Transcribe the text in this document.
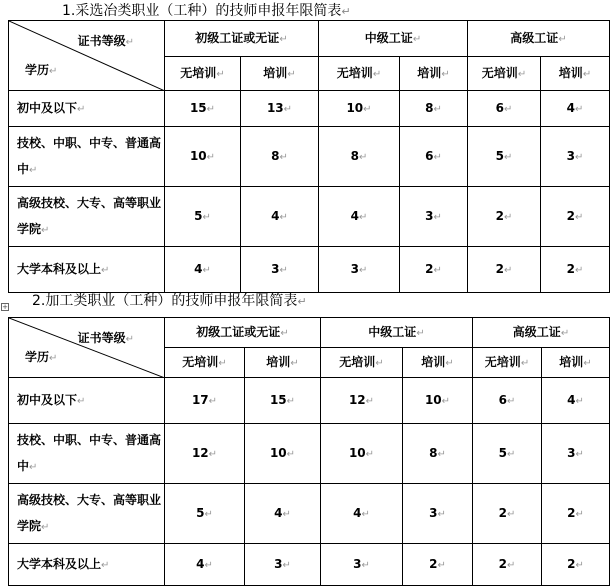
1.采选冶类职业（工种）的技师申报年限简表↵
证书等级↵
学历↵	初级工证或无证↵		中级工证↵		高级工证↵	
	无培训↵	培训↵	无培训↵	培训↵	无培训↵	培训↵
初中及以下↵	15↵	13↵	10↵	8↵	6↵	4↵
技校、中职、中专、普通高中↵	10↵	8↵	8↵	6↵	5↵	3↵
高级技校、大专、高等职业学院↵	5↵	4↵	4↵	3↵	2↵	2↵
大学本科及以上↵	4↵	3↵	3↵	2↵	2↵	2↵
+ 2.加工类职业（工种）的技师申报年限简表↵
证书等级↵
学历↵	初级工证或无证↵		中级工证↵		高级工证↵	
	无培训↵	培训↵	无培训↵	培训↵	无培训↵	培训↵
初中及以下↵	17↵	15↵	12↵	10↵	6↵	4↵
技校、中职、中专、普通高中↵	12↵	10↵	10↵	8↵	5↵	3↵
高级技校、大专、高等职业学院↵	5↵	4↵	4↵	3↵	2↵	2↵
大学本科及以上↵	4↵	3↵	3↵	2↵	2↵	2↵
